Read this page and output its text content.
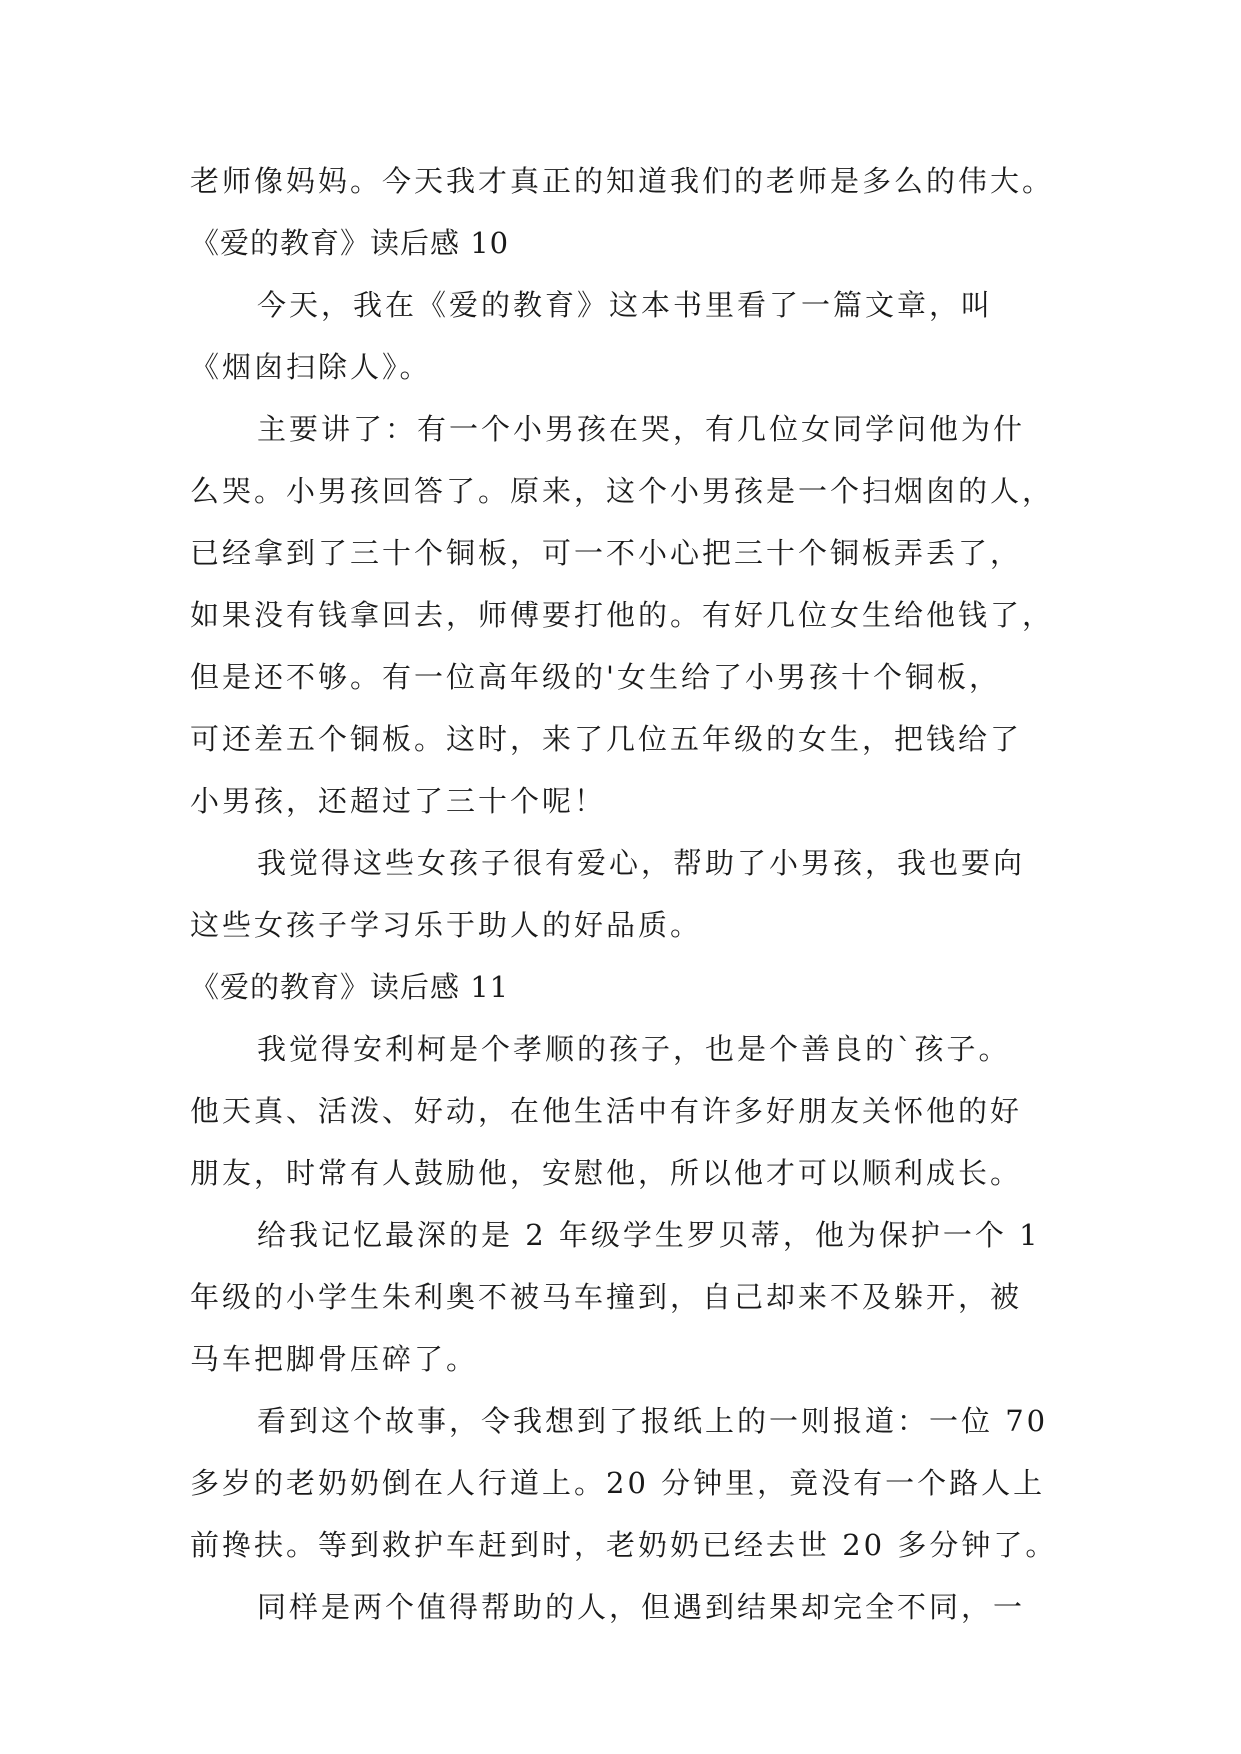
老师像妈妈。今天我才真正的知道我们的老师是多么的伟大。
《爱的教育》读后感 10
今天，我在《爱的教育》这本书里看了一篇文章，叫
《烟囱扫除人》。
主要讲了：有一个小男孩在哭，有几位女同学问他为什
么哭。小男孩回答了。原来，这个小男孩是一个扫烟囱的人，
已经拿到了三十个铜板，可一不小心把三十个铜板弄丢了，
如果没有钱拿回去，师傅要打他的。有好几位女生给他钱了，
但是还不够。有一位高年级的'女生给了小男孩十个铜板，
可还差五个铜板。这时，来了几位五年级的女生，把钱给了
小男孩，还超过了三十个呢！
我觉得这些女孩子很有爱心，帮助了小男孩，我也要向
这些女孩子学习乐于助人的好品质。
《爱的教育》读后感 11
我觉得安利柯是个孝顺的孩子，也是个善良的`孩子。
他天真、活泼、好动，在他生活中有许多好朋友关怀他的好
朋友，时常有人鼓励他，安慰他，所以他才可以顺利成长。
给我记忆最深的是 2 年级学生罗贝蒂，他为保护一个 1
年级的小学生朱利奥不被马车撞到，自己却来不及躲开，被
马车把脚骨压碎了。
看到这个故事，令我想到了报纸上的一则报道：一位 70
多岁的老奶奶倒在人行道上。20 分钟里，竟没有一个路人上
前搀扶。等到救护车赶到时，老奶奶已经去世 20 多分钟了。
同样是两个值得帮助的人，但遇到结果却完全不同，一
